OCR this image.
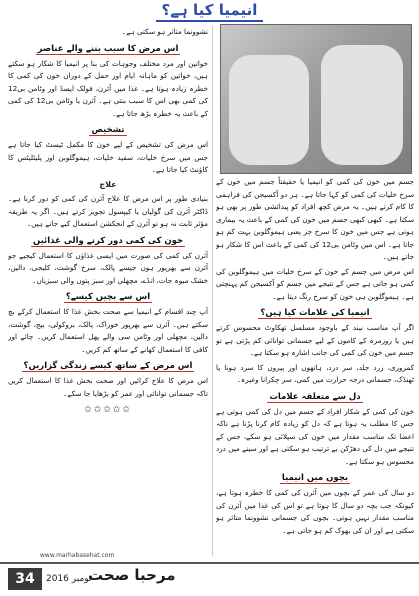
انیمیا کیا ہے؟

جسم میں خون کی کمی کو انیمیا یا حقیقتاً جسم میں خون کے سرخ خلیات کی کمی کو کہا جاتا ہے۔ ہر دو آکسیجن کی فراہمی کا کام کرتے ہیں۔ یہ مرض کچھ افراد کو پیدائشی طور پر بھی ہو سکتا ہے۔ کبھی کبھی جسم میں خون کی کمی کے باعث یہ بیماری ہوتی ہے جس میں خون کا سرخ جز یعنی ہیموگلوبن بہت کم ہو جاتا ہے۔ اس میں وٹامن بی12 کی کمی کے باعث اس کا شکار ہو جاتے ہیں۔

اس مرض میں جسم کے خون کے سرخ خلیات میں ہیموگلوبن کی کمی ہو جاتی ہے جس کے نتیجے میں جسم کو آکسیجن کم پہنچتی ہے۔ ہیموگلوبن ہی خون کو سرخ رنگ دیتا ہے۔

انیمیا کی علامات کیا ہیں؟

اگر آپ مناسب نیند کے باوجود مسلسل تھکاوٹ محسوس کرتے ہیں یا روزمرہ کے کاموں کے لیے جسمانی توانائی کم پڑتی ہے تو جسم میں خون کی کمی کی جانب اشارہ ہو سکتا ہے۔

کمزوری، زرد جلد، سر درد، ہاتھوں اور پیروں کا سرد ہونا یا ٹھنڈک، جسمانی درجہ حرارت میں کمی، سر چکرانا وغیرہ۔

دل سے متعلقہ علامات

خون کی کمی کے شکار افراد کے جسم میں دل کی کمی ہوتی ہے جس کا مطلب یہ ہوتا ہے کہ دل کو زیادہ کام کرنا پڑتا ہے تاکہ اعضا تک مناسب مقدار میں خون کی سپلائی ہو سکے، جس کے نتیجے میں دل کی دھڑکن بے ترتیب ہو سکتی ہے اور سینے میں درد محسوس ہو سکتا ہے۔

بچوں میں انیمیا

دو سال کی عمر کے بچوں میں آئرن کی کمی کا خطرہ ہوتا ہے، کیونکہ جب بچہ دو سال کا ہوتا ہے تو اس کی غذا میں آئرن کی مناسب مقدار نہیں ہوتی۔ بچوں کی جسمانی نشوونما متاثر ہو سکتی ہے اور ان کی بھوک کم ہو جاتی ہے۔

نشوونما متاثر ہو سکتی ہے۔

اس مرض کا سبب بننے والے عناصر

خواتین اور مرد مختلف وجوہات کی بنا پر انیمیا کا شکار ہو سکتے ہیں، خواتین کو ماہانہ ایام اور حمل کے دوران خون کی کمی کا خطرہ زیادہ ہوتا ہے۔ غذا میں آئرن، فولک ایسڈ اور وٹامن بی12 کی کمی بھی اس کا سبب بنتی ہے۔ آئرن یا وٹامن بی12 کی کمی کے باعث یہ خطرہ بڑھ جاتا ہے۔

تشخیص

اس مرض کی تشخیص کے لیے خون کا مکمل ٹیسٹ کیا جاتا ہے جس میں سرخ خلیات، سفید خلیات، ہیموگلوبن اور پلیٹلیٹس کا کاؤنٹ کیا جاتا ہے۔

علاج

بنیادی طور پر اس مرض کا علاج آئرن کی کمی کو دور کرنا ہے۔ ڈاکٹر آئرن کی گولیاں یا کیپسول تجویز کرتے ہیں۔ اگر یہ طریقہ مؤثر ثابت نہ ہو تو آئرن کے انجکشن استعمال کیے جاتے ہیں۔

خون کی کمی دور کرنے والی غذائیں

آئرن کی کمی کی صورت میں ایسی غذاؤں کا استعمال کیجیے جو آئرن سے بھرپور ہوں جیسے پالک، سرخ گوشت، کلیجی، دالیں، خشک میوہ جات، انڈے، مچھلی اور سبز پتوں والی سبزیاں۔

اس سے بچیں کیسے؟

آپ چند اقسام کے انیمیا سے صحت بخش غذا کا استعمال کرکے بچ سکتے ہیں۔ آئرن سے بھرپور خوراک، پالک، بروکولی، بیج، گوشت، دالیں، مچھلی اور وٹامن سی والے پھل استعمال کریں۔ چائے اور کافی کا استعمال کھانے کے ساتھ کم کریں۔

اس مرض کے ساتھ کیسے زندگی گزاریں؟

اس مرض کا علاج کرائیں اور صحت بخش غذا کا استعمال کریں تاکہ جسمانی توانائی اور عمر کو بڑھایا جا سکے۔

✩✩✩✩✩
www.marhabasehat.com
34	نومبر 2016
مرحبا صحت
